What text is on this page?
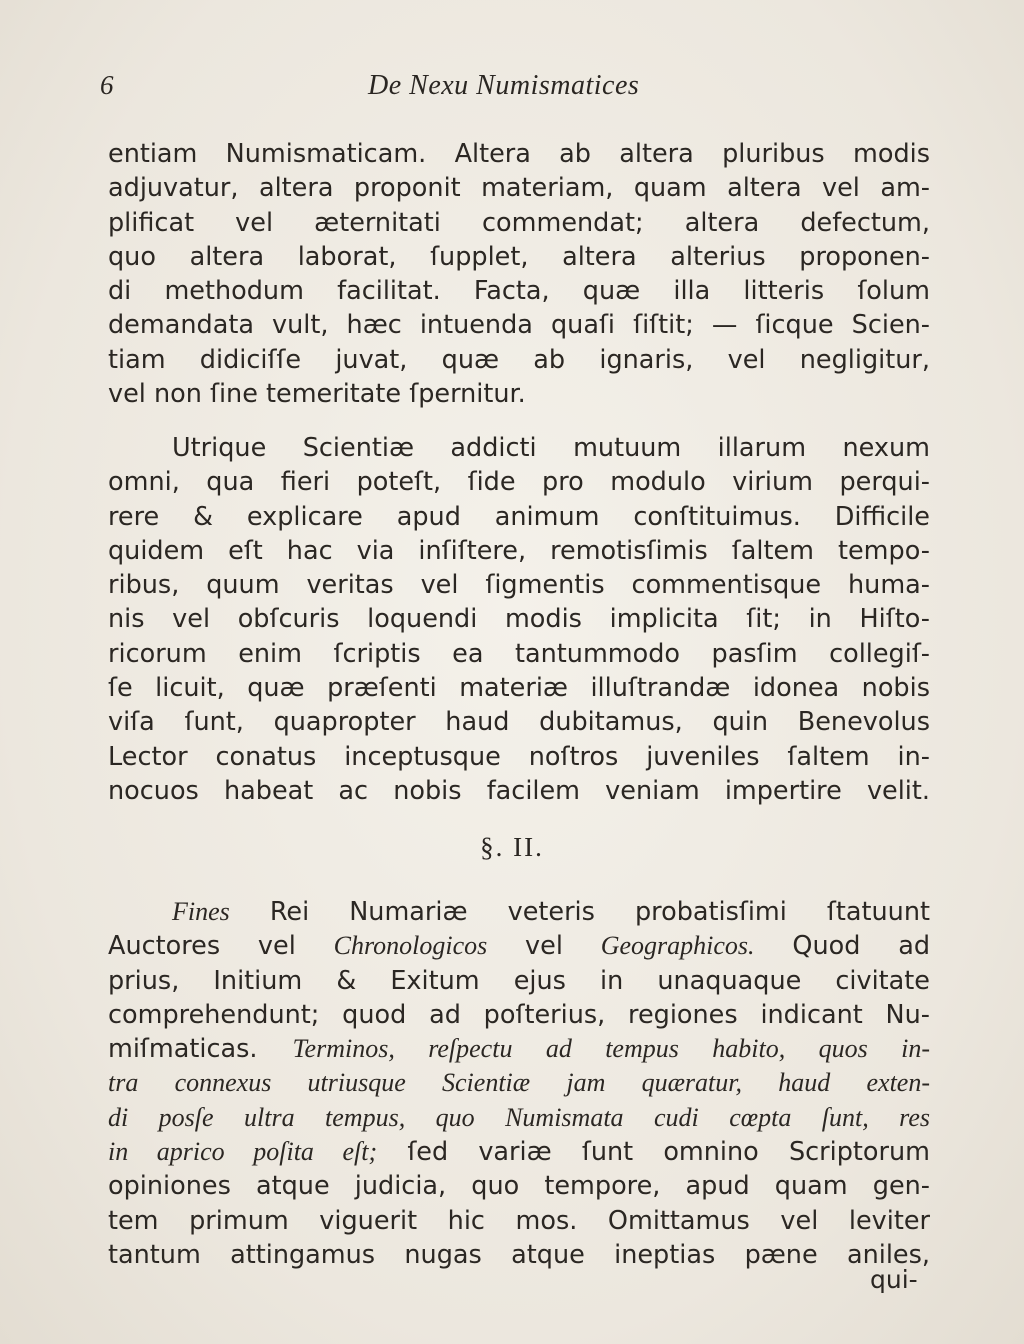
6	De Nexu Numismatices
entiam Numismaticam. Altera ab altera pluribus modis
adjuvatur, altera proponit materiam, quam altera vel am-
plificat vel æternitati commendat; altera defectum,
quo altera laborat, ſupplet, altera alterius proponen-
di methodum facilitat. Facta, quæ illa litteris ſolum
demandata vult, hæc intuenda quaſi ſiſtit; — ſicque Scien-
tiam didiciſſe juvat, quæ ab ignaris, vel negligitur,
vel non ſine temeritate ſpernitur.
Utrique Scientiæ addicti mutuum illarum nexum
omni, qua fieri poteſt, ſide pro modulo virium perqui-
rere & explicare apud animum conſtituimus. Difficile
quidem eſt hac via inſiſtere, remotisſimis ſaltem tempo-
ribus, quum veritas vel ſigmentis commentisque huma-
nis vel obſcuris loquendi modis implicita ſit; in Hiſto-
ricorum enim ſcriptis ea tantummodo pasſim collegiſ-
ſe licuit, quæ præſenti materiæ illuſtrandæ idonea nobis
viſa ſunt, quapropter haud dubitamus, quin Benevolus
Lector conatus inceptusque noſtros juveniles ſaltem in-
nocuos habeat ac nobis facilem veniam impertire velit.
§. II.
Fines Rei Numariæ veteris probatisſimi ſtatuunt
Auctores vel Chronologicos vel Geographicos. Quod ad
prius, Initium & Exitum ejus in unaquaque civitate
comprehendunt; quod ad poſterius, regiones indicant Nu-
miſmaticas. Terminos, reſpectu ad tempus habito, quos in-
tra connexus utriusque Scientiæ jam quæratur, haud exten-
di posſe ultra tempus, quo Numismata cudi cœpta ſunt, res
in aprico poſita eſt; ſed variæ ſunt omnino Scriptorum
opiniones atque judicia, quo tempore, apud quam gen-
tem primum viguerit hic mos. Omittamus vel leviter
tantum attingamus nugas atque ineptias pæne aniles,
qui-
